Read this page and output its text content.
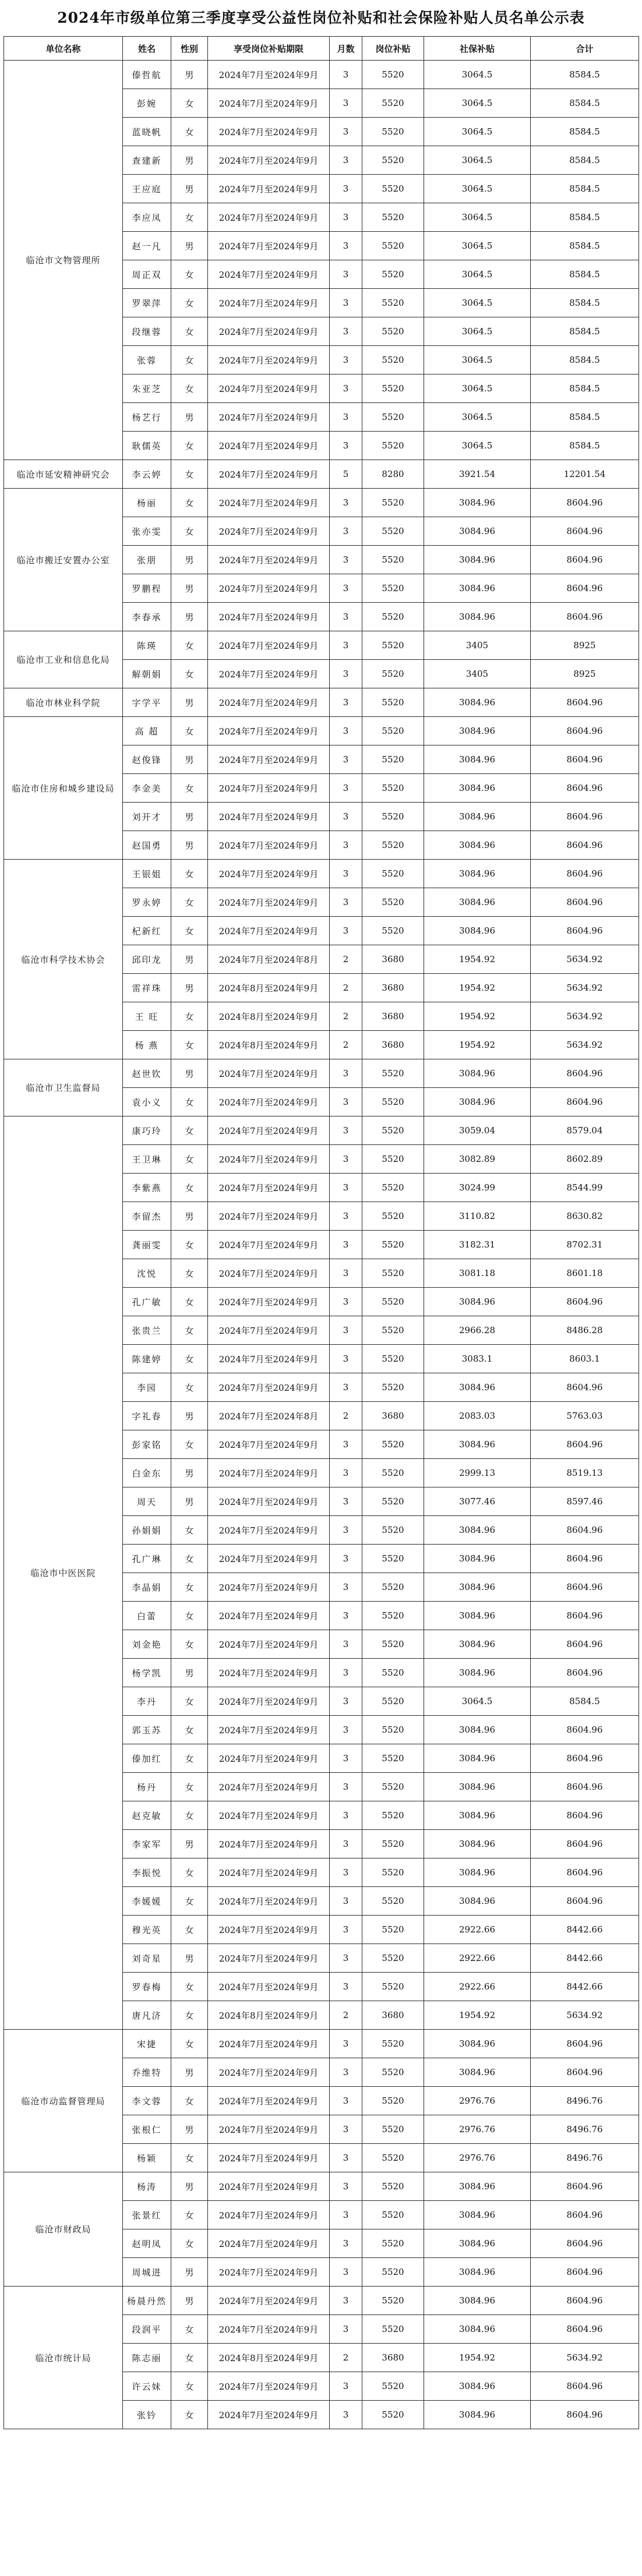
2024年市级单位第三季度享受公益性岗位补贴和社会保险补贴人员名单公示表
单位名称	姓名	性别	享受岗位补贴期限	月数	岗位补贴	社保补贴	合计
临沧市文物管理所	傣哲航	男	2024年7月至2024年9月	3	5520	3064.5	8584.5
	彭婉	女	2024年7月至2024年9月	3	5520	3064.5	8584.5
	蓝晓帆	女	2024年7月至2024年9月	3	5520	3064.5	8584.5
	查建新	男	2024年7月至2024年9月	3	5520	3064.5	8584.5
	王应庭	男	2024年7月至2024年9月	3	5520	3064.5	8584.5
	李应凤	女	2024年7月至2024年9月	3	5520	3064.5	8584.5
	赵一凡	男	2024年7月至2024年9月	3	5520	3064.5	8584.5
	周正双	女	2024年7月至2024年9月	3	5520	3064.5	8584.5
	罗翠萍	女	2024年7月至2024年9月	3	5520	3064.5	8584.5
	段继蓉	女	2024年7月至2024年9月	3	5520	3064.5	8584.5
	张蓉	女	2024年7月至2024年9月	3	5520	3064.5	8584.5
	朱亚芝	女	2024年7月至2024年9月	3	5520	3064.5	8584.5
	杨艺行	男	2024年7月至2024年9月	3	5520	3064.5	8584.5
	耿儒英	女	2024年7月至2024年9月	3	5520	3064.5	8584.5
临沧市延安精神研究会	李云婷	女	2024年7月至2024年9月	5	8280	3921.54	12201.54
临沧市搬迁安置办公室	杨丽	女	2024年7月至2024年9月	3	5520	3084.96	8604.96
	张亦雯	女	2024年7月至2024年9月	3	5520	3084.96	8604.96
	张朋	男	2024年7月至2024年9月	3	5520	3084.96	8604.96
	罗鹏程	男	2024年7月至2024年9月	3	5520	3084.96	8604.96
	李春承	男	2024年7月至2024年9月	3	5520	3084.96	8604.96
临沧市工业和信息化局	陈瑛	女	2024年7月至2024年9月	3	5520	3405	8925
	解朝娟	女	2024年7月至2024年9月	3	5520	3405	8925
临沧市林业科学院	字学平	男	2024年7月至2024年9月	3	5520	3084.96	8604.96
临沧市住房和城乡建设局	高 超	女	2024年7月至2024年9月	3	5520	3084.96	8604.96
	赵俊锋	男	2024年7月至2024年9月	3	5520	3084.96	8604.96
	李金美	女	2024年7月至2024年9月	3	5520	3084.96	8604.96
	刘开才	男	2024年7月至2024年9月	3	5520	3084.96	8604.96
	赵国勇	男	2024年7月至2024年9月	3	5520	3084.96	8604.96
临沧市科学技术协会	王银姐	女	2024年7月至2024年9月	3	5520	3084.96	8604.96
	罗永婷	女	2024年7月至2024年9月	3	5520	3084.96	8604.96
	杞新红	女	2024年7月至2024年9月	3	5520	3084.96	8604.96
	邱印龙	男	2024年7月至2024年8月	2	3680	1954.92	5634.92
	雷祥珠	男	2024年8月至2024年9月	2	3680	1954.92	5634.92
	王 旺	女	2024年8月至2024年9月	2	3680	1954.92	5634.92
	杨 燕	女	2024年8月至2024年9月	2	3680	1954.92	5634.92
临沧市卫生监督局	赵世钦	男	2024年7月至2024年9月	3	5520	3084.96	8604.96
	袁小义	女	2024年7月至2024年9月	3	5520	3084.96	8604.96
临沧市中医医院	康巧玲	女	2024年7月至2024年9月	3	5520	3059.04	8579.04
	王卫琳	女	2024年7月至2024年9月	3	5520	3082.89	8602.89
	李紫燕	女	2024年7月至2024年9月	3	5520	3024.99	8544.99
	李留杰	男	2024年7月至2024年9月	3	5520	3110.82	8630.82
	龚丽雯	女	2024年7月至2024年9月	3	5520	3182.31	8702.31
	沈悦	女	2024年7月至2024年9月	3	5520	3081.18	8601.18
	孔广敏	女	2024年7月至2024年9月	3	5520	3084.96	8604.96
	张贵兰	女	2024年7月至2024年9月	3	5520	2966.28	8486.28
	陈建婷	女	2024年7月至2024年9月	3	5520	3083.1	8603.1
	李园	女	2024年7月至2024年9月	3	5520	3084.96	8604.96
	字礼春	男	2024年7月至2024年8月	2	3680	2083.03	5763.03
	彭家铭	女	2024年7月至2024年9月	3	5520	3084.96	8604.96
	白金东	男	2024年7月至2024年9月	3	5520	2999.13	8519.13
	周天	男	2024年7月至2024年9月	3	5520	3077.46	8597.46
	孙娟娟	女	2024年7月至2024年9月	3	5520	3084.96	8604.96
	孔广琳	女	2024年7月至2024年9月	3	5520	3084.96	8604.96
	李晶娟	女	2024年7月至2024年9月	3	5520	3084.96	8604.96
	白蕾	女	2024年7月至2024年9月	3	5520	3084.96	8604.96
	刘金艳	女	2024年7月至2024年9月	3	5520	3084.96	8604.96
	杨学凯	男	2024年7月至2024年9月	3	5520	3084.96	8604.96
	李丹	女	2024年7月至2024年9月	3	5520	3064.5	8584.5
	郭玉苏	女	2024年7月至2024年9月	3	5520	3084.96	8604.96
	傣加红	女	2024年7月至2024年9月	3	5520	3084.96	8604.96
	杨丹	女	2024年7月至2024年9月	3	5520	3084.96	8604.96
	赵克敏	女	2024年7月至2024年9月	3	5520	3084.96	8604.96
	李家军	男	2024年7月至2024年9月	3	5520	3084.96	8604.96
	李振悦	女	2024年7月至2024年9月	3	5520	3084.96	8604.96
	李媛媛	女	2024年7月至2024年9月	3	5520	3084.96	8604.96
	穆光英	女	2024年7月至2024年9月	3	5520	2922.66	8442.66
	刘奇星	男	2024年7月至2024年9月	3	5520	2922.66	8442.66
	罗春梅	女	2024年7月至2024年9月	3	5520	2922.66	8442.66
	唐凡济	女	2024年8月至2024年9月	2	3680	1954.92	5634.92
临沧市动监督管理局	宋捷	女	2024年7月至2024年9月	3	5520	3084.96	8604.96
	乔维特	男	2024年7月至2024年9月	3	5520	3084.96	8604.96
	李文蓉	女	2024年7月至2024年9月	3	5520	2976.76	8496.76
	张根仁	男	2024年7月至2024年9月	3	5520	2976.76	8496.76
	杨颖	女	2024年7月至2024年9月	3	5520	2976.76	8496.76
临沧市财政局	杨涛	男	2024年7月至2024年9月	3	5520	3084.96	8604.96
	张景红	女	2024年7月至2024年9月	3	5520	3084.96	8604.96
	赵明凤	女	2024年7月至2024年9月	3	5520	3084.96	8604.96
	周城进	男	2024年7月至2024年9月	3	5520	3084.96	8604.96
临沧市统计局	杨晨丹然	男	2024年7月至2024年9月	3	5520	3084.96	8604.96
	段润平	女	2024年7月至2024年9月	3	5520	3084.96	8604.96
	陈志丽	女	2024年8月至2024年9月	2	3680	1954.92	5634.92
	许云妹	女	2024年7月至2024年9月	3	5520	3084.96	8604.96
	张钤	女	2024年7月至2024年9月	3	5520	3084.96	8604.96
